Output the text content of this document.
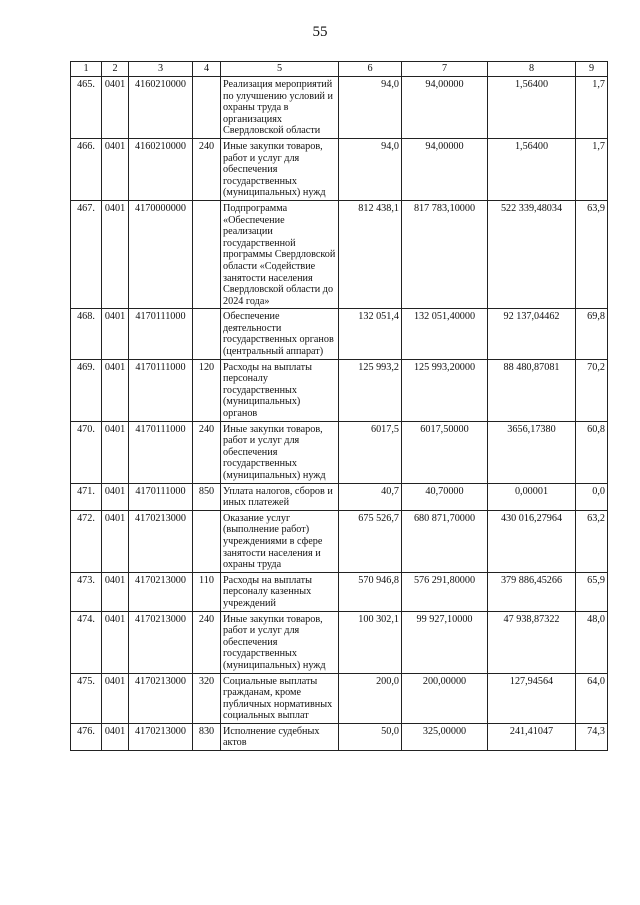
55
1	2	3	4	5	6	7	8	9
465.	0401	4160210000		Реализация мероприятий по улучшению условий и охраны труда в организациях Свердловской области	94,0	94,00000	1,56400	1,7
466.	0401	4160210000	240	Иные закупки товаров, работ и услуг для обеспечения государственных (муниципальных) нужд	94,0	94,00000	1,56400	1,7
467.	0401	4170000000		Подпрограмма «Обеспечение реализации государственной программы Свердловской области «Содействие занятости населения Свердловской области до 2024 года»	812 438,1	817 783,10000	522 339,48034	63,9
468.	0401	4170111000		Обеспечение деятельности государственных органов (центральный аппарат)	132 051,4	132 051,40000	92 137,04462	69,8
469.	0401	4170111000	120	Расходы на выплаты персоналу государственных (муниципальных) органов	125 993,2	125 993,20000	88 480,87081	70,2
470.	0401	4170111000	240	Иные закупки товаров, работ и услуг для обеспечения государственных (муниципальных) нужд	6017,5	6017,50000	3656,17380	60,8
471.	0401	4170111000	850	Уплата налогов, сборов и иных платежей	40,7	40,70000	0,00001	0,0
472.	0401	4170213000		Оказание услуг (выполнение работ) учреждениями в сфере занятости населения и охраны труда	675 526,7	680 871,70000	430 016,27964	63,2
473.	0401	4170213000	110	Расходы на выплаты персоналу казенных учреждений	570 946,8	576 291,80000	379 886,45266	65,9
474.	0401	4170213000	240	Иные закупки товаров, работ и услуг для обеспечения государственных (муниципальных) нужд	100 302,1	99 927,10000	47 938,87322	48,0
475.	0401	4170213000	320	Социальные выплаты гражданам, кроме публичных нормативных социальных выплат	200,0	200,00000	127,94564	64,0
476.	0401	4170213000	830	Исполнение судебных актов	50,0	325,00000	241,41047	74,3
